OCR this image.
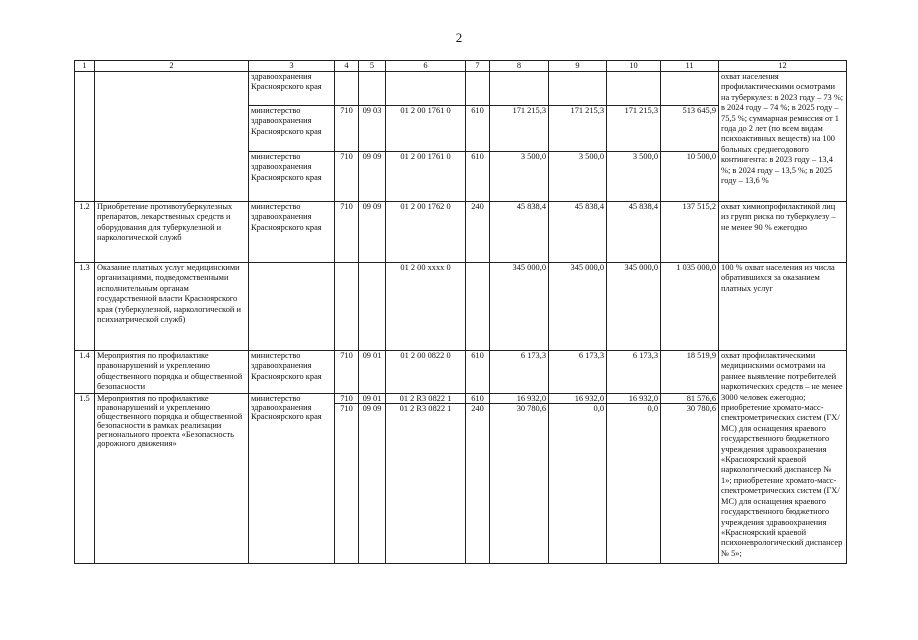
2
1	2	3	4	5	6	7	8	9	10	11	12
		здравоохранения Красноярского края									охват населения профилактическими осмотрами на туберкулез: в 2023 году – 73 %; в 2024 году – 74 %; в 2025 году – 75,5 %; суммарная ремиссия от 1 года до 2 лет (по всем видам психоактивных веществ) на 100 больных среднегодового контингента: в 2023 году – 13,4 %; в 2024 году – 13,5 %; в 2025 году – 13,6 %
		министерство здравоохранения Красноярского края	710	09 03	01 2 00 1761 0	610	171 215,3	171 215,3	171 215,3	513 645,9	
		министерство здравоохранения Красноярского края	710	09 09	01 2 00 1761 0	610	3 500,0	3 500,0	3 500,0	10 500,0	
1.2	Приобретение противотуберкулезных препаратов, лекарственных средств и оборудования для туберкулезной и наркологической служб	министерство здравоохранения Красноярского края	710	09 09	01 2 00 1762 0	240	45 838,4	45 838,4	45 838,4	137 515,2	охват химиопрофилактикой лиц из групп риска по туберкулезу – не менее 90 % ежегодно
1.3	Оказание платных услуг медицинскими организациями, подведомственными исполнительным органам государственной власти Красноярского края (туберкулезной, наркологической и психиатрической служб)				01 2 00 xxxx 0		345 000,0	345 000,0	345 000,0	1 035 000,0	100 % охват населения из числа обратившихся за оказанием платных услуг
1.4	Мероприятия по профилактике правонарушений и укреплению общественного порядка и общественной безопасности	министерство здравоохранения Красноярского края	710	09 01	01 2 00 0822 0	610	6 173,3	6 173,3	6 173,3	18 519,9	охват профилактическими медицинскими осмотрами на раннее выявление потребителей наркотических средств – не менее 3000 человек ежегодно; приобретение хромато-масс-спектрометрических систем (ГХ/МС) для оснащения краевого государственного бюджетного учреждения здравоохранения «Красноярский краевой наркологический диспансер № 1»; приобретение хромато-масс-спектрометрических систем (ГХ/МС) для оснащения краевого государственного бюджетного учреждения здравоохранения «Красноярский краевой психоневрологический диспансер № 5»;
1.5	Мероприятия по профилактике правонарушений и укреплению общественного порядка и общественной безопасности в рамках реализации регионального проекта «Безопасность дорожного движения»	министерство здравоохранения Красноярского края	710	09 01	01 2 R3 0822 1	610	16 932,0	16 932,0	16 932,0	81 576,6	
			710	09 09	01 2 R3 0822 1	240	30 780,6	0,0	0,0	30 780,6	
